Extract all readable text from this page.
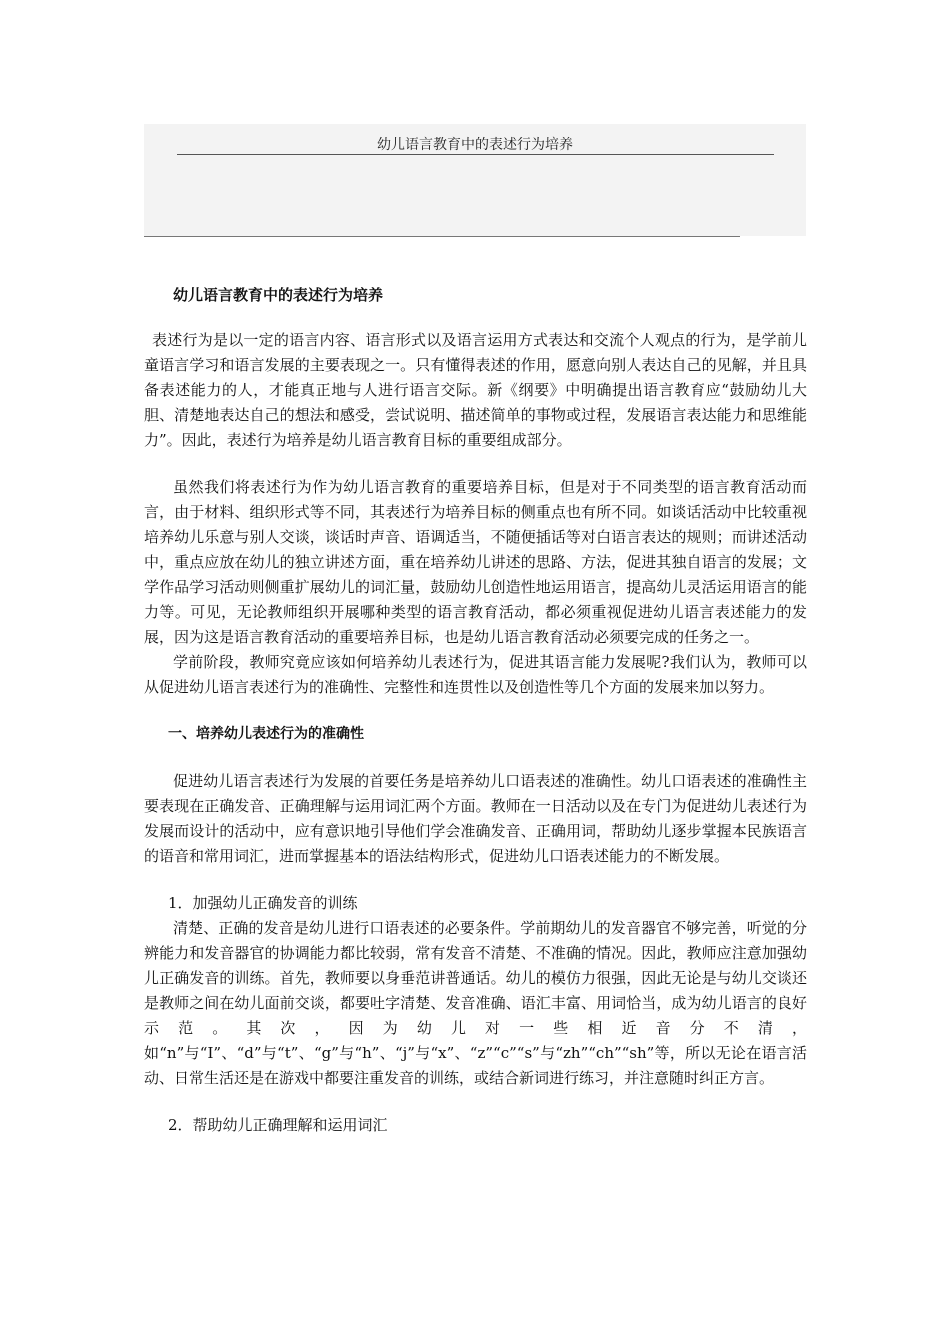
幼儿语言教育中的表述行为培养

幼儿语言教育中的表述行为培养

表述行为是以一定的语言内容、语言形式以及语言运用方式表达和交流个人观点的行为，是学前儿童语言学习和语言发展的主要表现之一。只有懂得表述的作用，愿意向别人表达自己的见解，并且具备表述能力的人，才能真正地与人进行语言交际。新《纲要》中明确提出语言教育应“鼓励幼儿大胆、清楚地表达自己的想法和感受，尝试说明、描述简单的事物或过程，发展语言表达能力和思维能力”。因此，表述行为培养是幼儿语言教育目标的重要组成部分。

虽然我们将表述行为作为幼儿语言教育的重要培养目标，但是对于不同类型的语言教育活动而言，由于材料、组织形式等不同，其表述行为培养目标的侧重点也有所不同。如谈话活动中比较重视培养幼儿乐意与别人交谈，谈话时声音、语调适当，不随便插话等对白语言表达的规则；而讲述活动中，重点应放在幼儿的独立讲述方面，重在培养幼儿讲述的思路、方法，促进其独自语言的发展；文学作品学习活动则侧重扩展幼儿的词汇量，鼓励幼儿创造性地运用语言，提高幼儿灵活运用语言的能力等。可见，无论教师组织开展哪种类型的语言教育活动，都必须重视促进幼儿语言表述能力的发展，因为这是语言教育活动的重要培养目标，也是幼儿语言教育活动必须要完成的任务之一。

学前阶段，教师究竟应该如何培养幼儿表述行为，促进其语言能力发展呢?我们认为，教师可以从促进幼儿语言表述行为的准确性、完整性和连贯性以及创造性等几个方面的发展来加以努力。

一、培养幼儿表述行为的准确性

促进幼儿语言表述行为发展的首要任务是培养幼儿口语表述的准确性。幼儿口语表述的准确性主要表现在正确发音、正确理解与运用词汇两个方面。教师在一日活动以及在专门为促进幼儿表述行为发展而设计的活动中，应有意识地引导他们学会准确发音、正确用词，帮助幼儿逐步掌握本民族语言的语音和常用词汇，进而掌握基本的语法结构形式，促进幼儿口语表述能力的不断发展。

1．加强幼儿正确发音的训练

清楚、正确的发音是幼儿进行口语表述的必要条件。学前期幼儿的发音器官不够完善，听觉的分辨能力和发音器官的协调能力都比较弱，常有发音不清楚、不准确的情况。因此，教师应注意加强幼儿正确发音的训练。首先，教师要以身垂范讲普通话。幼儿的模仿力很强，因此无论是与幼儿交谈还是教师之间在幼儿面前交谈，都要吐字清楚、发音准确、语汇丰富、用词恰当，成为幼儿语言的良好示范。其次，因为幼儿对一些相近音分不清，如“n”与“I”、“d”与“t”、“g”与“h”、“j”与“x”、“z”“c”“s”与“zh”“ch”“sh”等，所以无论在语言活动、日常生活还是在游戏中都要注重发音的训练，或结合新词进行练习，并注意随时纠正方言。

2．帮助幼儿正确理解和运用词汇
